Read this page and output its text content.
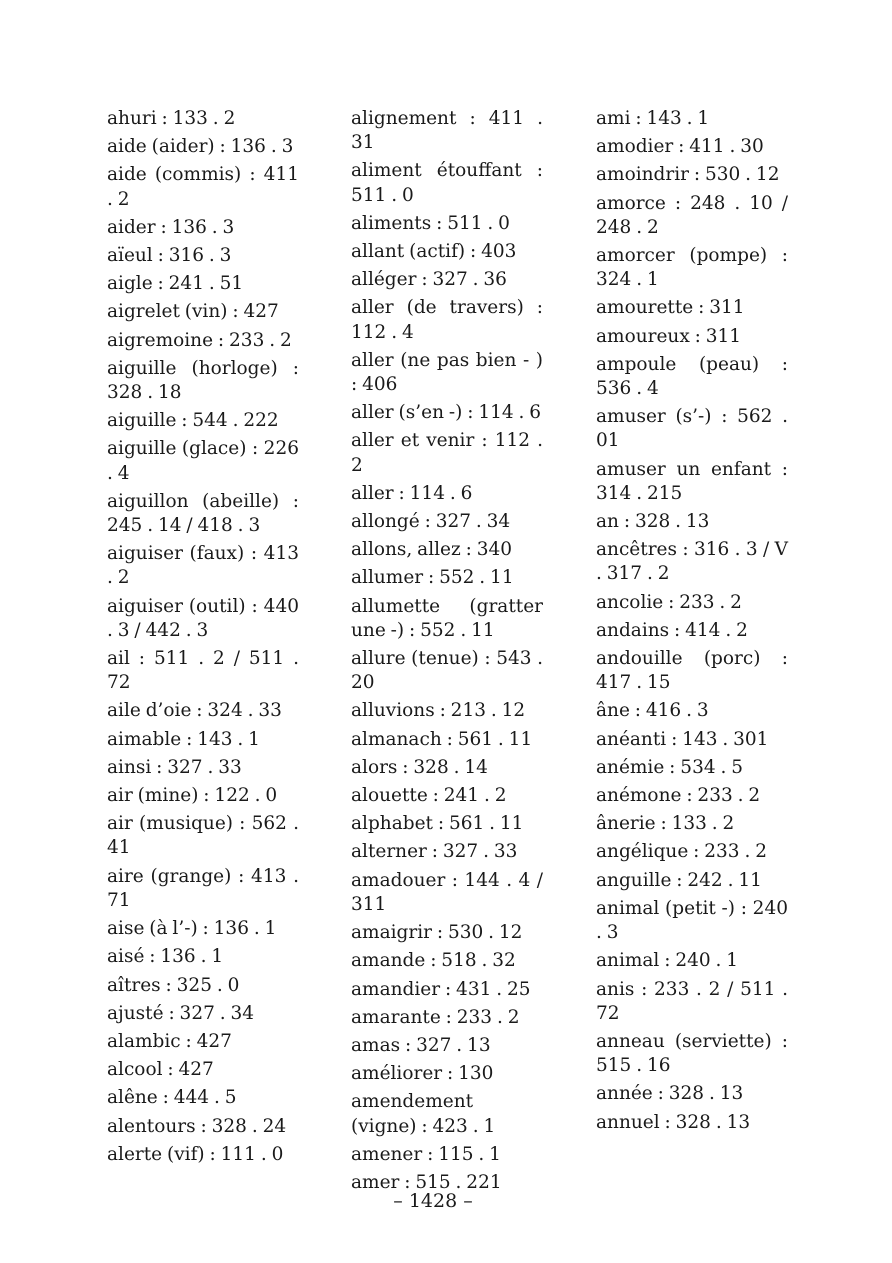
ahuri : 133 . 2
aide (aider) : 136 . 3
aide (commis) : 411 . 2
aider : 136 . 3
aïeul : 316 . 3
aigle : 241 . 51
aigrelet (vin) : 427
aigremoine : 233 . 2
aiguille (horloge) : 328 . 18
aiguille : 544 . 222
aiguille (glace) : 226 . 4
aiguillon (abeille) : 245 . 14 / 418 . 3
aiguiser (faux) : 413 . 2
aiguiser (outil) : 440 . 3 / 442 . 3
ail : 511 . 2 / 511 . 72
aile d’oie : 324 . 33
aimable : 143 . 1
ainsi : 327 . 33
air (mine) : 122 . 0
air (musique) : 562 . 41
aire (grange) : 413 . 71
aise (à l’-) : 136 . 1
aisé : 136 . 1
aîtres : 325 . 0
ajusté : 327 . 34
alambic : 427
alcool : 427
alêne : 444 . 5
alentours : 328 . 24
alerte (vif) : 111 . 0
alignement : 411 . 31
aliment étouffant : 511 . 0
aliments : 511 . 0
allant (actif) : 403
alléger : 327 . 36
aller (de travers) : 112 . 4
aller (ne pas bien - ) : 406
aller (s’en -) : 114 . 6
aller et venir : 112 . 2
aller : 114 . 6
allongé : 327 . 34
allons, allez : 340
allumer : 552 . 11
allumette (gratter une -) : 552 . 11
allure (tenue) : 543 . 20
alluvions : 213 . 12
almanach : 561 . 11
alors : 328 . 14
alouette : 241 . 2
alphabet : 561 . 11
alterner : 327 . 33
amadouer : 144 . 4 / 311
amaigrir : 530 . 12
amande : 518 . 32
amandier : 431 . 25
amarante : 233 . 2
amas : 327 . 13
améliorer : 130
amendement (vigne) : 423 . 1
amener : 115 . 1
amer : 515 . 221
ami : 143 . 1
amodier : 411 . 30
amoindrir : 530 . 12
amorce : 248 . 10 / 248 . 2
amorcer (pompe) : 324 . 1
amourette : 311
amoureux : 311
ampoule (peau) : 536 . 4
amuser (s’-) : 562 . 01
amuser un enfant : 314 . 215
an : 328 . 13
ancêtres : 316 . 3 / V . 317 . 2
ancolie : 233 . 2
andains : 414 . 2
andouille (porc) : 417 . 15
âne : 416 . 3
anéanti : 143 . 301
anémie : 534 . 5
anémone : 233 . 2
ânerie : 133 . 2
angélique : 233 . 2
anguille : 242 . 11
animal (petit -) : 240 . 3
animal : 240 . 1
anis : 233 . 2 / 511 . 72
anneau (serviette) : 515 . 16
année : 328 . 13
annuel : 328 . 13
– 1428 –
